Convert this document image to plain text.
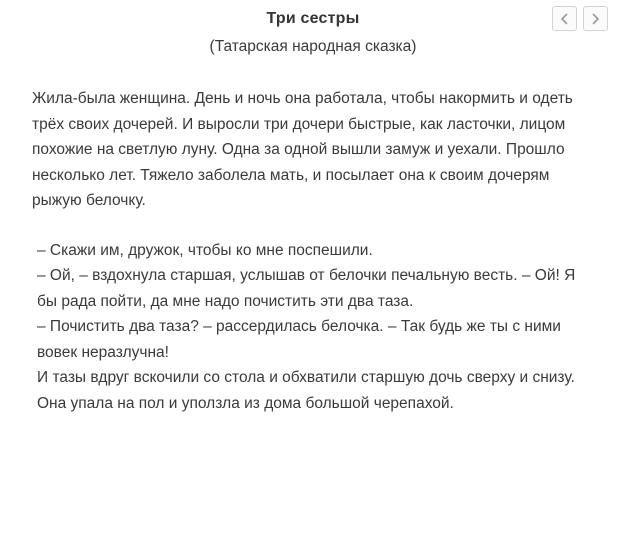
Три сестры

(Татарская народная сказка)

Жила-была женщина. День и ночь она работала, чтобы накормить и одеть трёх своих дочерей. И выросли три дочери быстрые, как ласточки, лицом похожие на светлую луну. Одна за одной вышли замуж и уехали. Прошло несколько лет. Тяжело заболела мать, и посылает она к своим дочерям рыжую белочку.

– Скажи им, дружок, чтобы ко мне поспешили.

– Ой, – вздохнула старшая, услышав от белочки печальную весть. – Ой! Я бы рада пойти, да мне надо почистить эти два таза.

– Почистить два таза? – рассердилась белочка. – Так будь же ты с ними вовек неразлучна!

И тазы вдруг вскочили со стола и обхватили старшую дочь сверху и снизу. Она упала на пол и уползла из дома большой черепахой.
